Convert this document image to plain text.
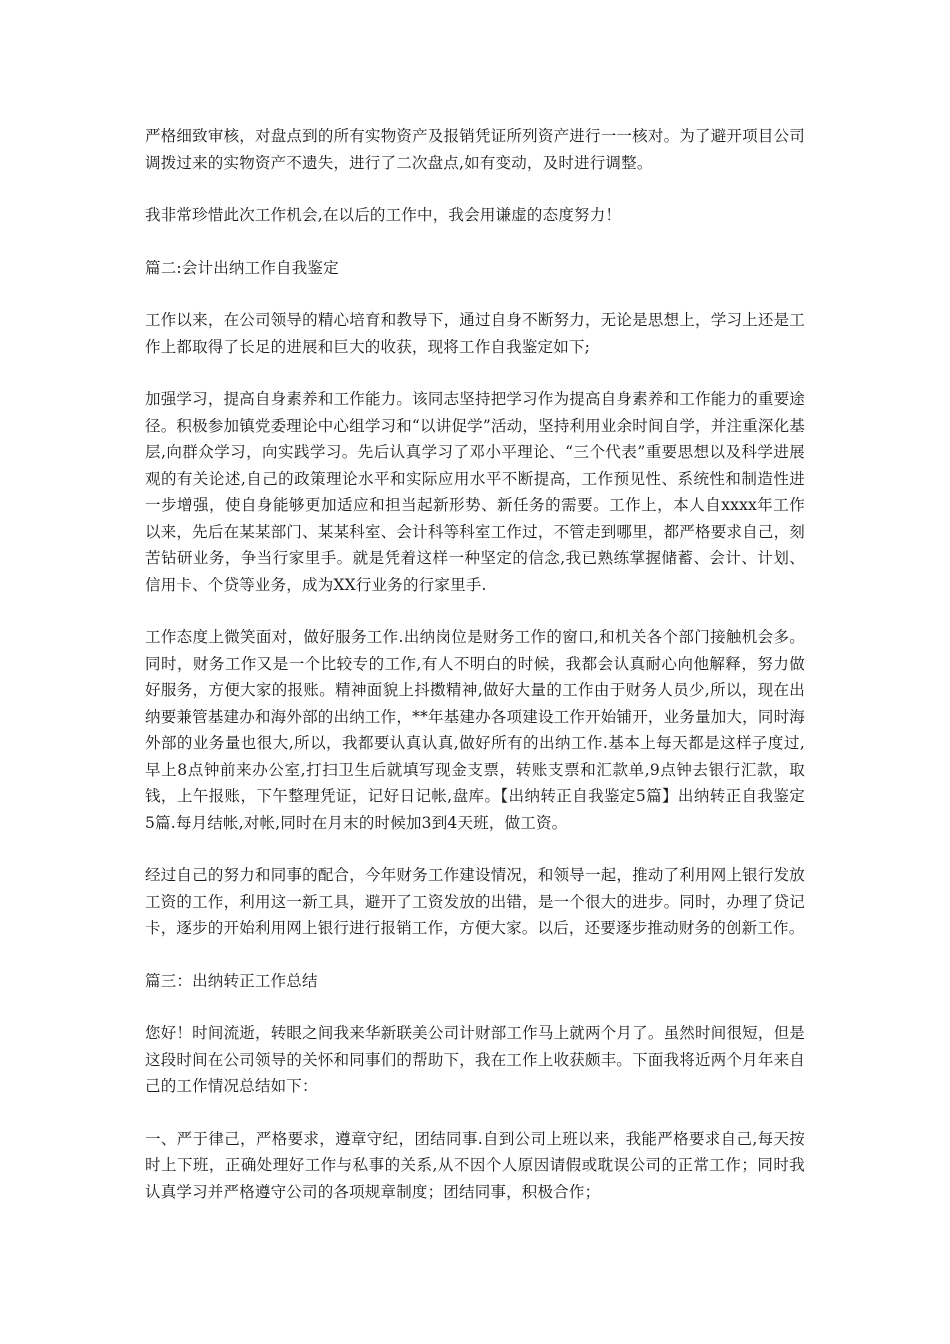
严格细致审核，对盘点到的所有实物资产及报销凭证所列资产进行一一核对。为了避开项目公司调拨过来的实物资产不遗失，进行了二次盘点,如有变动，及时进行调整。

我非常珍惜此次工作机会,在以后的工作中，我会用谦虚的态度努力！

篇二:会计出纳工作自我鉴定

工作以来，在公司领导的精心培育和教导下，通过自身不断努力，无论是思想上，学习上还是工作上都取得了长足的进展和巨大的收获，现将工作自我鉴定如下;

加强学习，提高自身素养和工作能力。该同志坚持把学习作为提高自身素养和工作能力的重要途径。积极参加镇党委理论中心组学习和“以讲促学”活动，坚持利用业余时间自学，并注重深化基层,向群众学习，向实践学习。先后认真学习了邓小平理论、“三个代表”重要思想以及科学进展观的有关论述,自己的政策理论水平和实际应用水平不断提高，工作预见性、系统性和制造性进一步增强，使自身能够更加适应和担当起新形势、新任务的需要。工作上，本人自xxxx年工作以来，先后在某某部门、某某科室、会计科等科室工作过，不管走到哪里，都严格要求自己，刻苦钻研业务，争当行家里手。就是凭着这样一种坚定的信念,我已熟练掌握储蓄、会计、计划、信用卡、个贷等业务，成为XX行业务的行家里手.

工作态度上微笑面对，做好服务工作.出纳岗位是财务工作的窗口,和机关各个部门接触机会多。同时，财务工作又是一个比较专的工作,有人不明白的时候，我都会认真耐心向他解释，努力做好服务，方便大家的报账。精神面貌上抖擞精神,做好大量的工作由于财务人员少,所以，现在出纳要兼管基建办和海外部的出纳工作，**年基建办各项建设工作开始铺开，业务量加大，同时海外部的业务量也很大,所以，我都要认真认真,做好所有的出纳工作.基本上每天都是这样子度过,早上8点钟前来办公室,打扫卫生后就填写现金支票，转账支票和汇款单,9点钟去银行汇款，取钱，上午报账，下午整理凭证，记好日记帐,盘库。【出纳转正自我鉴定5篇】出纳转正自我鉴定5篇.每月结帐,对帐,同时在月末的时候加3到4天班，做工资。

经过自己的努力和同事的配合，今年财务工作建设情况，和领导一起，推动了利用网上银行发放工资的工作，利用这一新工具，避开了工资发放的出错，是一个很大的进步。同时，办理了贷记卡，逐步的开始利用网上银行进行报销工作，方便大家。以后，还要逐步推动财务的创新工作。

篇三：出纳转正工作总结

您好！时间流逝，转眼之间我来华新联美公司计财部工作马上就两个月了。虽然时间很短，但是这段时间在公司领导的关怀和同事们的帮助下，我在工作上收获颇丰。下面我将近两个月年来自己的工作情况总结如下：

一、严于律己，严格要求，遵章守纪，团结同事.自到公司上班以来，我能严格要求自己,每天按时上下班，正确处理好工作与私事的关系,从不因个人原因请假或耽误公司的正常工作；同时我认真学习并严格遵守公司的各项规章制度；团结同事，积极合作；
